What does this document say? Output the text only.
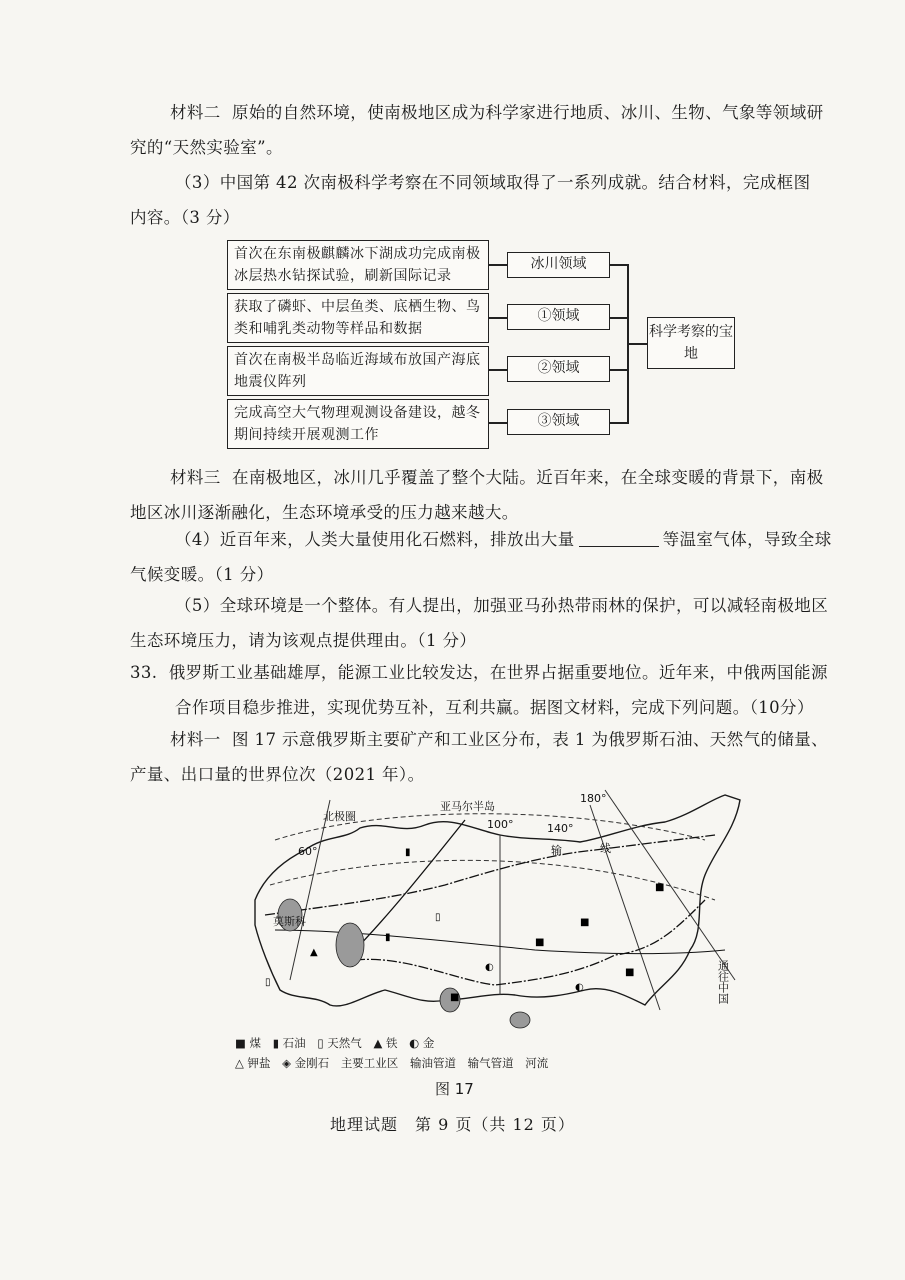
材料二 原始的自然环境，使南极地区成为科学家进行地质、冰川、生物、气象等领域研
究的“天然实验室”。

（3）中国第 42 次南极科学考察在不同领域取得了一系列成就。结合材料，完成框图
内容。（3 分）

首次在东南极麒麟冰下湖成功完成南极冰层热水钻探试验，刷新国际记录
获取了磷虾、中层鱼类、底栖生物、鸟类和哺乳类动物等样品和数据
首次在南极半岛临近海域布放国产海底地震仪阵列
完成高空大气物理观测设备建设，越冬期间持续开展观测工作
冰川领域
①领域
②领域
③领域
科学考察的宝地

材料三 在南极地区，冰川几乎覆盖了整个大陆。近百年来，在全球变暖的背景下，南极
地区冰川逐渐融化，生态环境承受的压力越来越大。

（4）近百年来，人类大量使用化石燃料，排放出大量	等温室气体，导致全球
气候变暖。（1 分）

（5）全球环境是一个整体。有人提出，加强亚马孙热带雨林的保护，可以减轻南极地区
生态环境压力，请为该观点提供理由。（1 分）

33. 俄罗斯工业基础雄厚，能源工业比较发达，在世界占据重要地位。近年来，中俄两国能源
合作项目稳步推进，实现优势互补，互利共赢。据图文材料，完成下列问题。（10分）

材料一 图 17 示意俄罗斯主要矿产和工业区分布，表 1 为俄罗斯石油、天然气的储量、
产量、出口量的世界位次（2021 年）。

▲
▮
▯
◐
■
■
◐
■
■
▮
■
▯
亚马尔半岛
100°	140°
180°
60°
北极圈
莫斯科
输	线
通往中国
■ 煤 ▮ 石油 ▯ 天然气 ▲ 铁 ◐ 金
△ 钾盐 ◈ 金刚石 主要工业区 输油管道 输气管道 河流
图 17
地理试题　第 9 页（共 12 页）
